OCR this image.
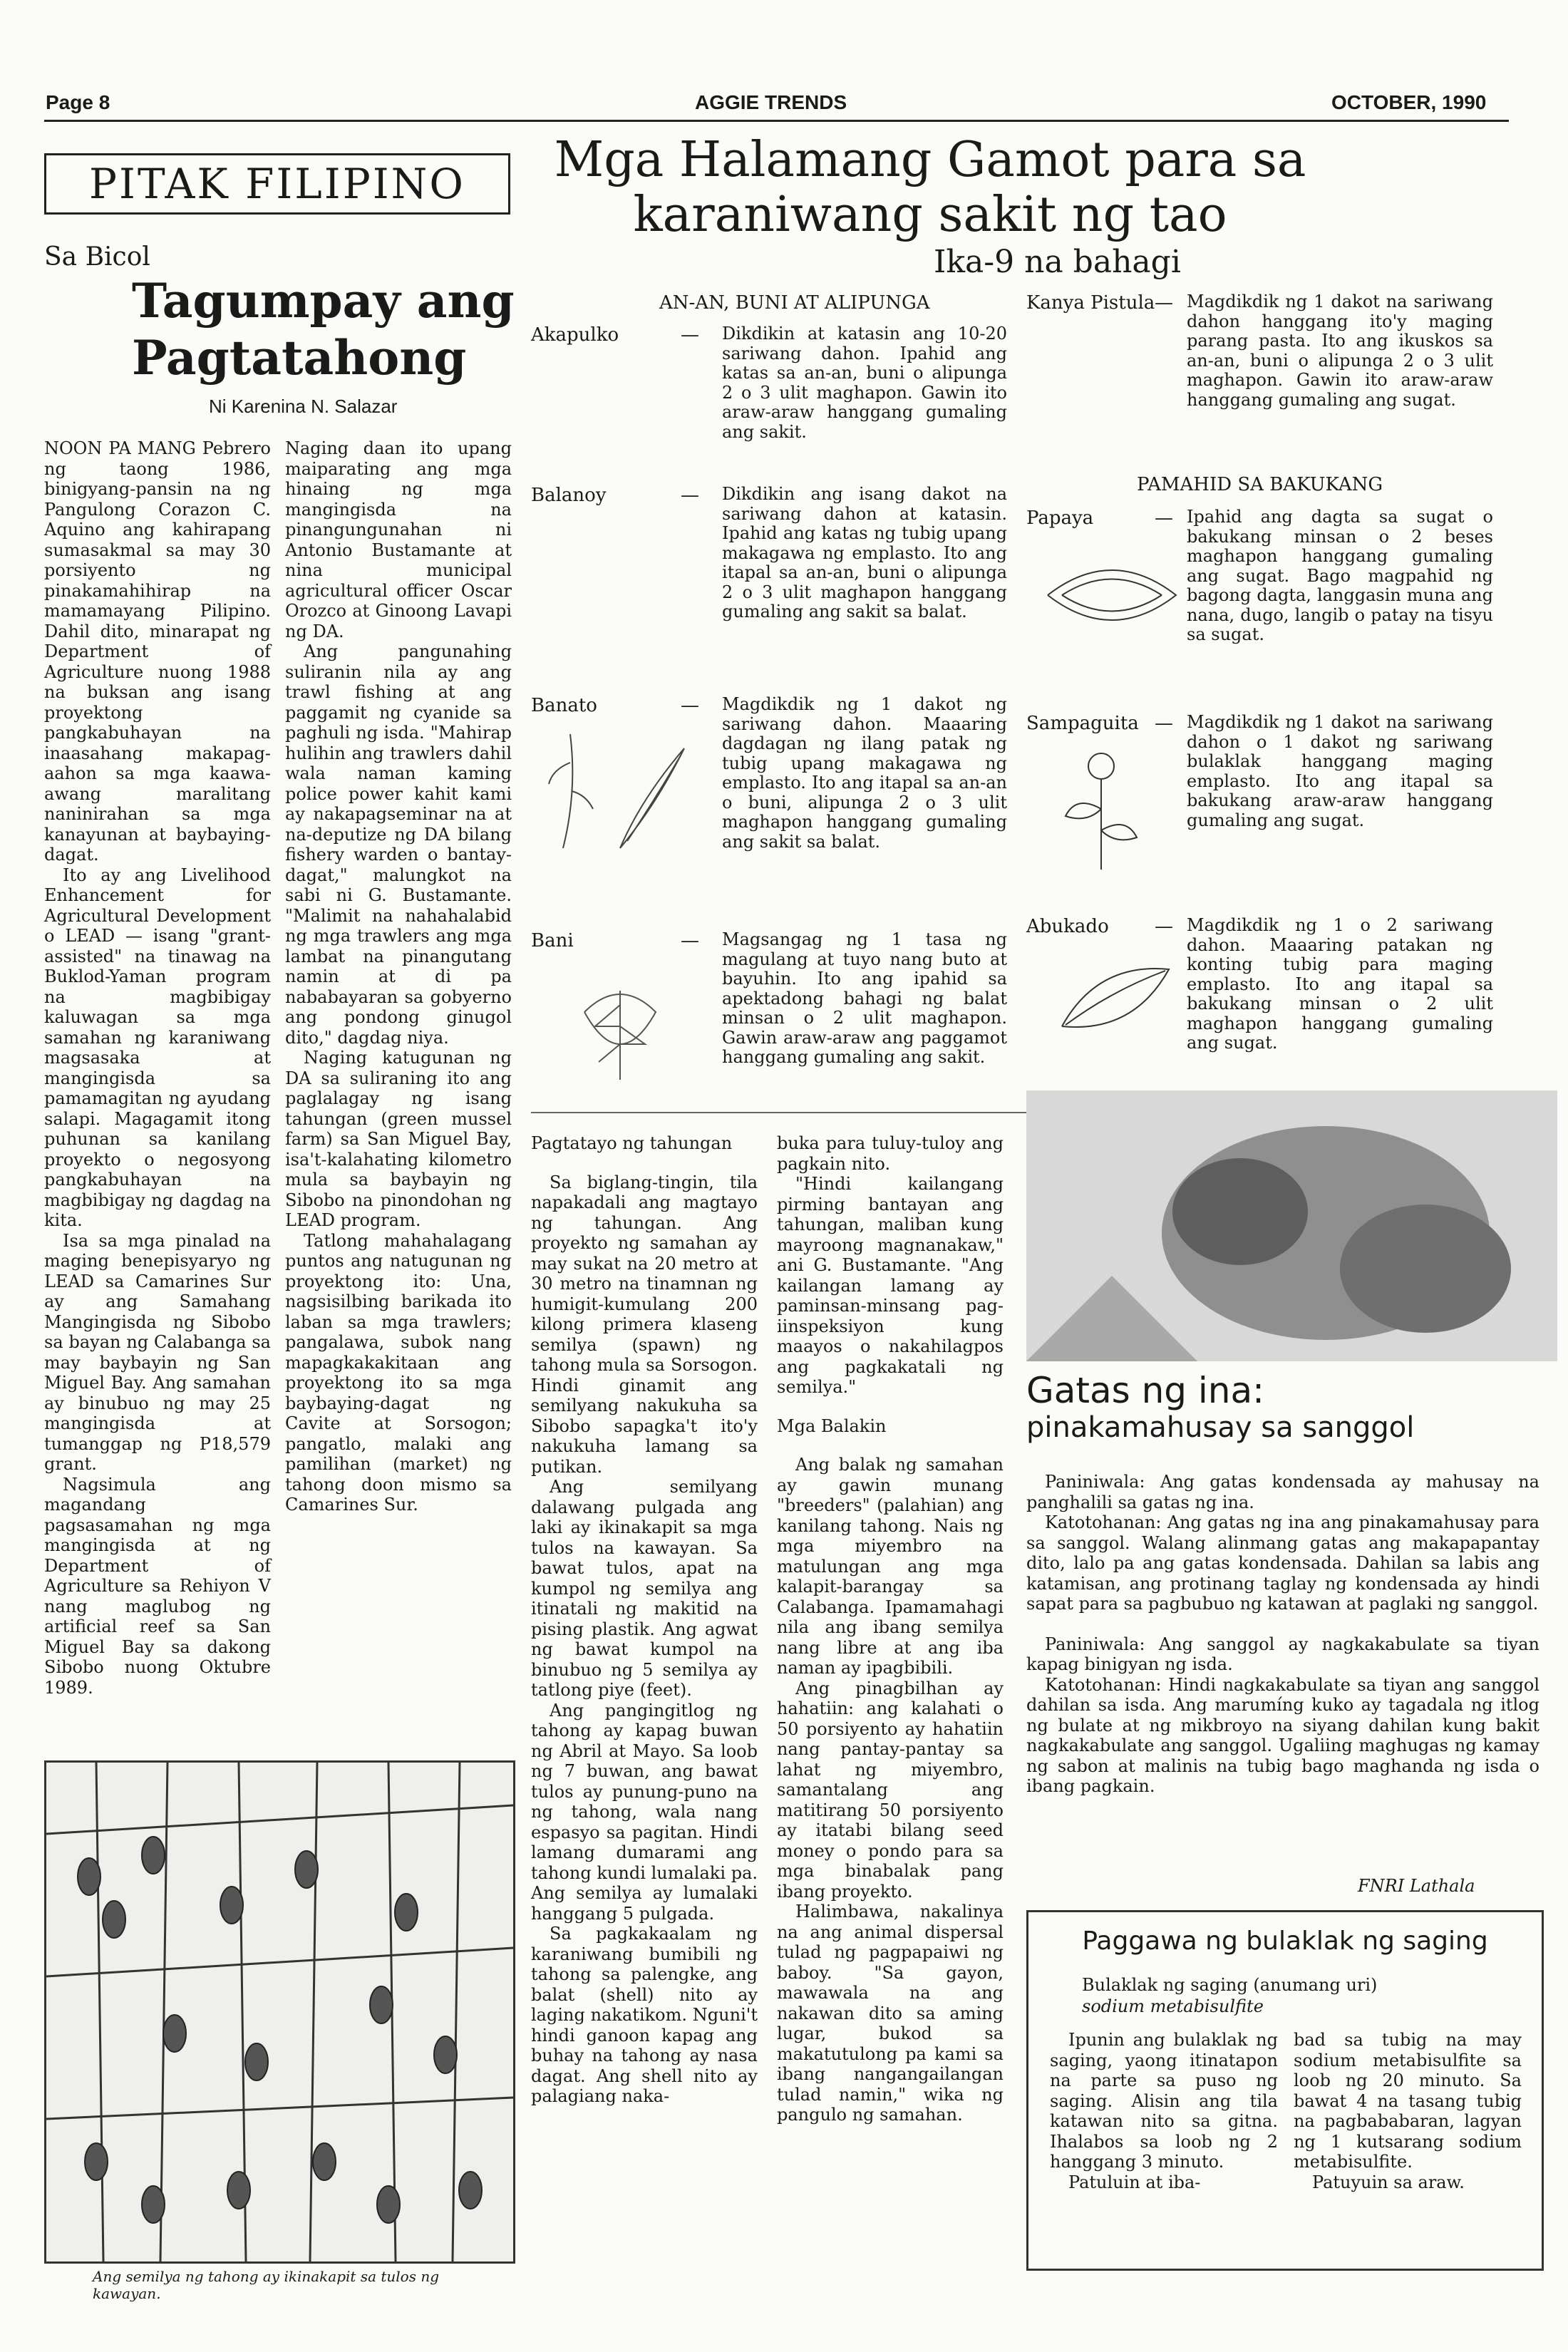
Page 8	AGGIE TRENDS	OCTOBER, 1990
PITAK FILIPINO
Sa Bicol
Tagumpay ang
Pagtatahong
Ni Karenina N. Salazar

NOON PA MANG Pebrero ng taong 1986, binigyang-pansin na ng Pangulong Corazon C. Aquino ang kahirapang sumasakmal sa may 30 porsiyento ng pinakamahihirap na mamamayang Pilipino. Dahil dito, minarapat ng Department of Agriculture nuong 1988 na buksan ang isang proyektong pangkabuhayan na inaasahang makapag-aahon sa mga kaawa-awang maralitang naninirahan sa mga kanayunan at baybaying-dagat.

Ito ay ang Livelihood Enhancement for Agricultural Development o LEAD — isang "grant-assisted" na tinawag na Buklod-Yaman program na magbibigay kaluwagan sa mga samahan ng karaniwang magsasaka at mangingisda sa pamamagitan ng ayudang salapi. Magagamit itong puhunan sa kanilang proyekto o negosyong pangkabuhayan na magbibigay ng dagdag na kita.

Isa sa mga pinalad na maging benepisyaryo ng LEAD sa Camarines Sur ay ang Samahang Mangingisda ng Sibobo sa bayan ng Calabanga sa may baybayin ng San Miguel Bay. Ang samahan ay binubuo ng may 25 mangingisda at tumanggap ng P18,579 grant.

Nagsimula ang magandang pagsasamahan ng mga mangingisda at ng Department of Agriculture sa Rehiyon V nang maglubog ng artificial reef sa San Miguel Bay sa dakong Sibobo nuong Oktubre 1989.

Naging daan ito upang maiparating ang mga hinaing ng mga mangingisda na pinangungunahan ni Antonio Bustamante at nina municipal agricultural officer Oscar Orozco at Ginoong Lavapi ng DA.

Ang pangunahing suliranin nila ay ang trawl fishing at ang paggamit ng cyanide sa paghuli ng isda. "Mahirap hulihin ang trawlers dahil wala naman kaming police power kahit kami ay nakapagseminar na at na-deputize ng DA bilang fishery warden o bantay-dagat," malungkot na sabi ni G. Bustamante. "Malimit na nahahalabid ng mga trawlers ang mga lambat na pinangutang namin at di pa nababayaran sa gobyerno ang pondong ginugol dito," dagdag niya.

Naging katugunan ng DA sa suliraning ito ang paglalagay ng isang tahungan (green mussel farm) sa San Miguel Bay, isa't-kalahating kilometro mula sa baybayin ng Sibobo na pinondohan ng LEAD program.

Tatlong mahahalagang puntos ang natugunan ng proyektong ito: Una, nagsisilbing barikada ito laban sa mga trawlers; pangalawa, subok nang mapagkakakitaan ang proyektong ito sa mga baybaying-dagat ng Cavite at Sorsogon; pangatlo, malaki ang pamilihan (market) ng tahong doon mismo sa Camarines Sur.

Ang semilya ng tahong ay ikinakapit sa tulos ng kawayan.
Mga Halamang Gamot para sa
karaniwang sakit ng tao
Ika-9 na bahagi
AN-AN, BUNI AT ALIPUNGA
Akapulko	— Dikdikin at katasin ang 10-20 sariwang dahon. Ipahid ang katas sa an-an, buni o alipunga 2 o 3 ulit maghapon. Gawin ito araw-araw hanggang gumaling ang sakit.
Balanoy	— Dikdikin ang isang dakot na sariwang dahon at katasin. Ipahid ang katas ng tubig upang makagawa ng emplasto. Ito ang itapal sa an-an, buni o alipunga 2 o 3 ulit maghapon hanggang gumaling ang sakit sa balat.
Banato	— Magdikdik ng 1 dakot ng sariwang dahon. Maaaring dagdagan ng ilang patak ng tubig upang makagawa ng emplasto. Ito ang itapal sa an-an o buni, alipunga 2 o 3 ulit maghapon hanggang gumaling ang sakit sa balat.
Bani	— Magsangag ng 1 tasa ng magulang at tuyo nang buto at bayuhin. Ito ang ipahid sa apektadong bahagi ng balat minsan o 2 ulit maghapon. Gawin araw-araw ang paggamot hanggang gumaling ang sakit.

Pagtatayo ng tahungan

Sa biglang-tingin, tila napakadali ang magtayo ng tahungan. Ang proyekto ng samahan ay may sukat na 20 metro at 30 metro na tinamnan ng humigit-kumulang 200 kilong primera klaseng semilya (spawn) ng tahong mula sa Sorsogon. Hindi ginamit ang semilyang nakukuha sa Sibobo sapagka't ito'y nakukuha lamang sa putikan.

Ang semilyang dalawang pulgada ang laki ay ikinakapit sa mga tulos na kawayan. Sa bawat tulos, apat na kumpol ng semilya ang itinatali ng makitid na pising plastik. Ang agwat ng bawat kumpol na binubuo ng 5 semilya ay tatlong piye (feet).

Ang pangingitlog ng tahong ay kapag buwan ng Abril at Mayo. Sa loob ng 7 buwan, ang bawat tulos ay punung-puno na ng tahong, wala nang espasyo sa pagitan. Hindi lamang dumarami ang tahong kundi lumalaki pa. Ang semilya ay lumalaki hanggang 5 pulgada.

Sa pagkakaalam ng karaniwang bumibili ng tahong sa palengke, ang balat (shell) nito ay laging nakatikom. Nguni't hindi ganoon kapag ang buhay na tahong ay nasa dagat. Ang shell nito ay palagiang naka-

buka para tuluy-tuloy ang pagkain nito.

"Hindi kailangang pirming bantayan ang tahungan, maliban kung mayroong magnanakaw," ani G. Bustamante. "Ang kailangan lamang ay paminsan-minsang pag-iinspeksiyon kung maayos o nakahilagpos ang pagkakatali ng semilya."

Mga Balakin

Ang balak ng samahan ay gawin munang "breeders" (palahian) ang kanilang tahong. Nais ng mga miyembro na matulungan ang mga kalapit-barangay sa Calabanga. Ipamamahagi nila ang ibang semilya nang libre at ang iba naman ay ipagbibili.

Ang pinagbilhan ay hahatiin: ang kalahati o 50 porsiyento ay hahatiin nang pantay-pantay sa lahat ng miyembro, samantalang ang matitirang 50 porsiyento ay itatabi bilang seed money o pondo para sa mga binabalak pang ibang proyekto.

Halimbawa, nakalinya na ang animal dispersal tulad ng pagpapaiwi ng baboy. "Sa gayon, mawawala na ang nakawan dito sa aming lugar, bukod sa makatutulong pa kami sa ibang nangangailangan tulad namin," wika ng pangulo ng samahan.

Kanya Pistula — Magdikdik ng 1 dakot na sariwang dahon hanggang ito'y maging parang pasta. Ito ang ikuskos sa an-an, buni o alipunga 2 o 3 ulit maghapon. Gawin ito araw-araw hanggang gumaling ang sugat.
PAMAHID SA BAKUKANG
Papaya	— Ipahid ang dagta sa sugat o bakukang minsan o 2 beses maghapon hanggang gumaling ang sugat. Bago magpahid ng bagong dagta, langgasin muna ang nana, dugo, langib o patay na tisyu sa sugat.
Sampaguita — Magdikdik ng 1 dakot na sariwang dahon o 1 dakot ng sariwang bulaklak hanggang maging emplasto. Ito ang itapal sa bakukang araw-araw hanggang gumaling ang sugat.
Abukado — Magdikdik ng 1 o 2 sariwang dahon. Maaaring patakan ng konting tubig para maging emplasto. Ito ang itapal sa bakukang minsan o 2 ulit maghapon hanggang gumaling ang sugat.
Gatas ng ina:
pinakamahusay sa sanggol

Paniniwala: Ang gatas kondensada ay mahusay na panghalili sa gatas ng ina.

Katotohanan: Ang gatas ng ina ang pinakamahusay para sa sanggol. Walang alinmang gatas ang makapapantay dito, lalo pa ang gatas kondensada. Dahilan sa labis ang katamisan, ang protinang taglay ng kondensada ay hindi sapat para sa pagbubuo ng katawan at paglaki ng sanggol.

Paniniwala: Ang sanggol ay nagkakabulate sa tiyan kapag binigyan ng isda.

Katotohanan: Hindi nagkakabulate sa tiyan ang sanggol dahilan sa isda. Ang marumíng kuko ay tagadala ng itlog ng bulate at ng mikbroyo na siyang dahilan kung bakit nagkakabulate ang sanggol. Ugaliing maghugas ng kamay ng sabon at malinis na tubig bago maghanda ng isda o ibang pagkain.

FNRI Lathala
Paggawa ng bulaklak ng saging
Bulaklak ng saging (anumang uri)
sodium metabisulfite

Ipunin ang bulaklak ng saging, yaong itinatapon na parte sa puso ng saging. Alisin ang tila katawan nito sa gitna. Ihalabos sa loob ng 2 hanggang 3 minuto.

Patuluin at iba-

bad sa tubig na may sodium metabisulfite sa loob ng 20 minuto. Sa bawat 4 na tasang tubig na pagbababaran, lagyan ng 1 kutsarang sodium metabisulfite.

Patuyuin sa araw.
